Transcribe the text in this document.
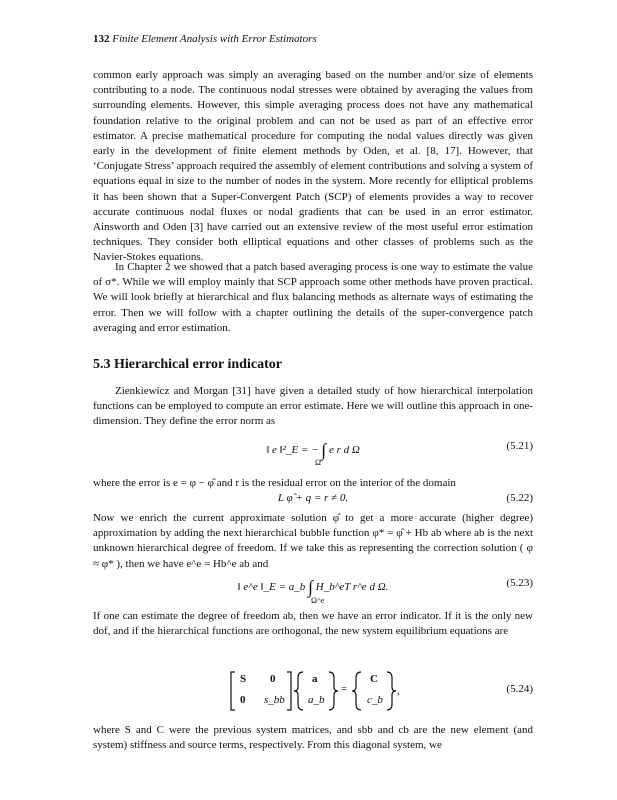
132 Finite Element Analysis with Error Estimators
common early approach was simply an averaging based on the number and/or size of elements contributing to a node. The continuous nodal stresses were obtained by averaging the values from surrounding elements. However, this simple averaging process does not have any mathematical foundation relative to the original problem and can not be used as part of an effective error estimator. A precise mathematical procedure for computing the nodal values directly was given early in the development of finite element methods by Oden, et al. [8, 17]. However, that ‘Conjugate Stress’ approach required the assembly of element contributions and solving a system of equations equal in size to the number of nodes in the system. More recently for elliptical problems it has been shown that a Super-Convergent Patch (SCP) of elements provides a way to recover accurate continuous nodal fluxes or nodal gradients that can be used in an error estimator. Ainsworth and Oden [3] have carried out an extensive review of the most useful error estimation techniques. They consider both elliptical equations and other classes of problems such as the Navier-Stokes equations.
In Chapter 2 we showed that a patch based averaging process is one way to estimate the value of σ*. While we will employ mainly that SCP approach some other methods have proven practical. We will look briefly at hierarchical and flux balancing methods as alternate ways of estimating the error. Then we will follow with a chapter outlining the details of the super-convergence patch averaging and error estimation.
5.3 Hierarchical error indicator
Zienkiewicz and Morgan [31] have given a detailed study of how hierarchical interpolation functions can be employed to compute an error estimate. Here we will outline this approach in one-dimension. They define the error norm as
‖ e ‖²_E = − ∫ e r d Ω
Ω
(5.21)
where the error is e = φ − φ̂ and r is the residual error on the interior of the domain
L φ̂ + q = r ≠ 0.	(5.22)
Now we enrich the current approximate solution φ̂ to get a more accurate (higher degree) approximation by adding the next hierarchical bubble function φ* = φ̂ + Hb ab where ab is the next unknown hierarchical degree of freedom. If we take this as representing the correction solution ( φ ≈ φ* ), then we have e^e = Hb^e ab and
‖ e^e ‖_E = a_b ∫ H_b^eT r^e d Ω.
Ω^e
(5.23)
If one can estimate the degree of freedom ab, then we have an error indicator. If it is the only new dof, and if the hierarchical functions are orthogonal, the new system equilibrium equations are
S 0
0 s_bb
a
a_b
=
C
c_b
,	(5.24)
where S and C were the previous system matrices, and sbb and cb are the new element (and system) stiffness and source terms, respectively. From this diagonal system, we
